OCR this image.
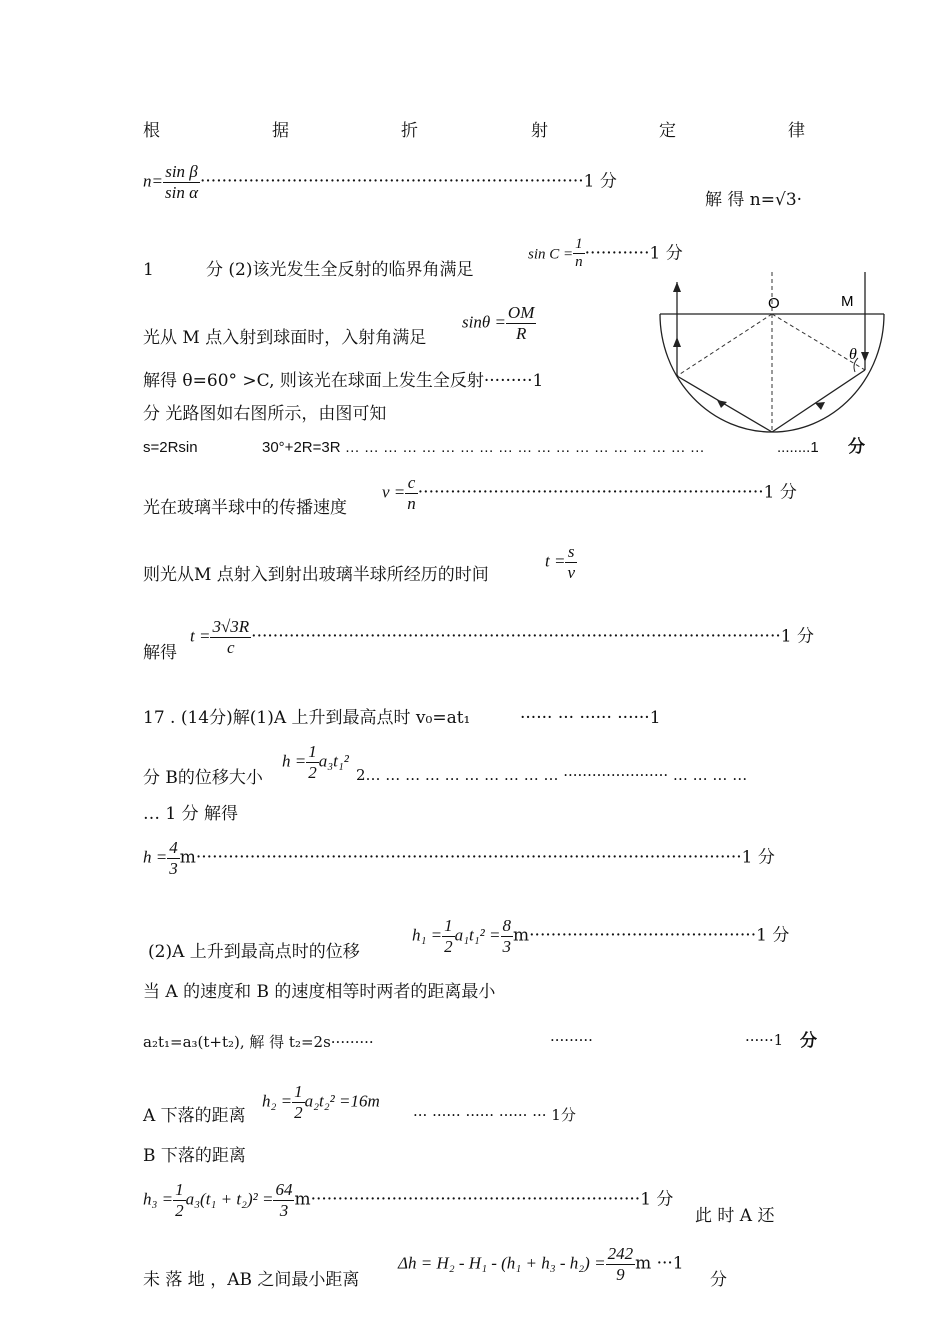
根	据	折	射	定	律
$n= \frac{\text{sin β}}{\text{sin α}} \cdot\cdot\cdot\cdot\cdot\cdot\cdot\cdot\cdot\cdot\cdot\cdot\cdot\cdot\cdot\cdot\cdot\cdot\cdot\cdot\cdot\cdot\cdot\cdot\cdot\cdot\cdot\cdot\cdot\cdot\cdot\cdot\cdot\cdot\cdot\cdot\cdot\cdot\cdot\cdot\cdot\cdot\cdot\cdot\cdot\cdot\cdot\cdot\cdot\cdot\cdot\cdot\cdot\cdot\cdot\cdot\cdot\cdot\cdot\cdot\cdot\cdot\cdot\cdot\cdot\cdot\cdot\cdot\cdot\cdot\cdot 1$ 分
解 得 n=√3·
1	分 (2)该光发生全反射的临界角满足
$\sin C = \frac{1}{n} \cdot\cdot\cdot\cdot\cdot\cdot\cdot\cdot\cdot\cdot\cdot\cdot 1$ 分
光从 M 点入射到球面时，入射角满足
$\sin\theta = \frac{OM}{R}$
解得 θ=60° >C, 则该光在球面上发生全反射·········1
分 光路图如右图所示，由图可知
s=2Rsin	30°+2R=3R … … … … … … … … … … … … … … … … … … …	........1 分
光在玻璃半球中的传播速度
$v = \frac{c}{n} \cdot\cdot\cdot\cdot\cdot\cdot\cdot\cdot\cdot\cdot\cdot\cdot\cdot\cdot\cdot\cdot\cdot\cdot\cdot\cdot\cdot\cdot\cdot\cdot\cdot\cdot\cdot\cdot\cdot\cdot\cdot\cdot\cdot\cdot\cdot\cdot\cdot\cdot\cdot\cdot\cdot\cdot\cdot\cdot\cdot\cdot\cdot\cdot\cdot\cdot\cdot\cdot\cdot\cdot\cdot\cdot\cdot\cdot\cdot\cdot\cdot\cdot\cdot\cdot 1$ 分
则光从M 点射入到射出玻璃半球所经历的时间
$t = \frac{s}{v}$
解得
$t = \frac{3√3R}{c} \cdot\cdot\cdot\cdot\cdot\cdot\cdot\cdot\cdot\cdot\cdot\cdot\cdot\cdot\cdot\cdot\cdot\cdot\cdot\cdot\cdot\cdot\cdot\cdot\cdot\cdot\cdot\cdot\cdot\cdot\cdot\cdot\cdot\cdot\cdot\cdot\cdot\cdot\cdot\cdot\cdot\cdot\cdot\cdot\cdot\cdot\cdot\cdot\cdot\cdot\cdot\cdot\cdot\cdot\cdot\cdot\cdot\cdot\cdot\cdot\cdot\cdot\cdot\cdot\cdot\cdot\cdot\cdot\cdot\cdot\cdot\cdot\cdot\cdot\cdot\cdot\cdot\cdot\cdot\cdot\cdot\cdot\cdot\cdot\cdot\cdot\cdot\cdot\cdot\cdot\cdot\cdot\cdot\cdot\cdot\cdot\cdot\cdot 1$ 分
O	M
θ
17 . (14分)解(1)A 上升到最高点时 v₀=at₁	······ ··· ······ ······1
分 B的位移大小
$h = \frac{1}{2} a_3t_1^2$
2… … … … … … … … … … ······················ … … … …
… 1 分 解得
$h = \frac{4}{3} m\cdot\cdot\cdot\cdot\cdot\cdot\cdot\cdot\cdot\cdot\cdot\cdot\cdot\cdot\cdot\cdot\cdot\cdot\cdot\cdot\cdot\cdot\cdot\cdot\cdot\cdot\cdot\cdot\cdot\cdot\cdot\cdot\cdot\cdot\cdot\cdot\cdot\cdot\cdot\cdot\cdot\cdot\cdot\cdot\cdot\cdot\cdot\cdot\cdot\cdot\cdot\cdot\cdot\cdot\cdot\cdot\cdot\cdot\cdot\cdot\cdot\cdot\cdot\cdot\cdot\cdot\cdot\cdot\cdot\cdot\cdot\cdot\cdot\cdot\cdot\cdot\cdot\cdot\cdot\cdot\cdot\cdot\cdot\cdot\cdot\cdot\cdot\cdot\cdot\cdot\cdot\cdot\cdot\cdot\cdot\cdot\cdot\cdot\cdot\cdot\cdot 1$ 分
(2)A 上升到最高点时的位移
$h_1 = \frac{1}{2} a_1t_1^2 = \frac{8}{3} m\cdot\cdot\cdot\cdot\cdot\cdot\cdot\cdot\cdot\cdot\cdot\cdot\cdot\cdot\cdot\cdot\cdot\cdot\cdot\cdot\cdot\cdot\cdot\cdot\cdot\cdot\cdot\cdot\cdot\cdot\cdot\cdot\cdot\cdot\cdot\cdot\cdot\cdot\cdot\cdot\cdot\cdot 1$ 分
当 A 的速度和 B 的速度相等时两者的距离最小
a₂t₁=a₃(t+t₂), 解 得 t₂=2s·········	·········	······1 分
A 下落的距离
$h_2 = \frac{1}{2} a_2t_2^2 =16m$
··· ······ ······ ······ ··· 1分
B 下落的距离
$h_3 = \frac{1}{2} a_3(t_1 + t_2)^2 = \frac{64}{3} m\cdot\cdot\cdot\cdot\cdot\cdot\cdot\cdot\cdot\cdot\cdot\cdot\cdot\cdot\cdot\cdot\cdot\cdot\cdot\cdot\cdot\cdot\cdot\cdot\cdot\cdot\cdot\cdot\cdot\cdot\cdot\cdot\cdot\cdot\cdot\cdot\cdot\cdot\cdot\cdot\cdot\cdot\cdot\cdot\cdot\cdot\cdot\cdot\cdot\cdot\cdot\cdot\cdot\cdot\cdot\cdot\cdot\cdot\cdot\cdot\cdot 1$ 分
此 时 A 还
未 落 地 ，AB 之间最小距离
$\Delta h = H_2 - H_1 - (h_1 + h_3 - h_2) = \frac{242}{9}$ m ···1
分
